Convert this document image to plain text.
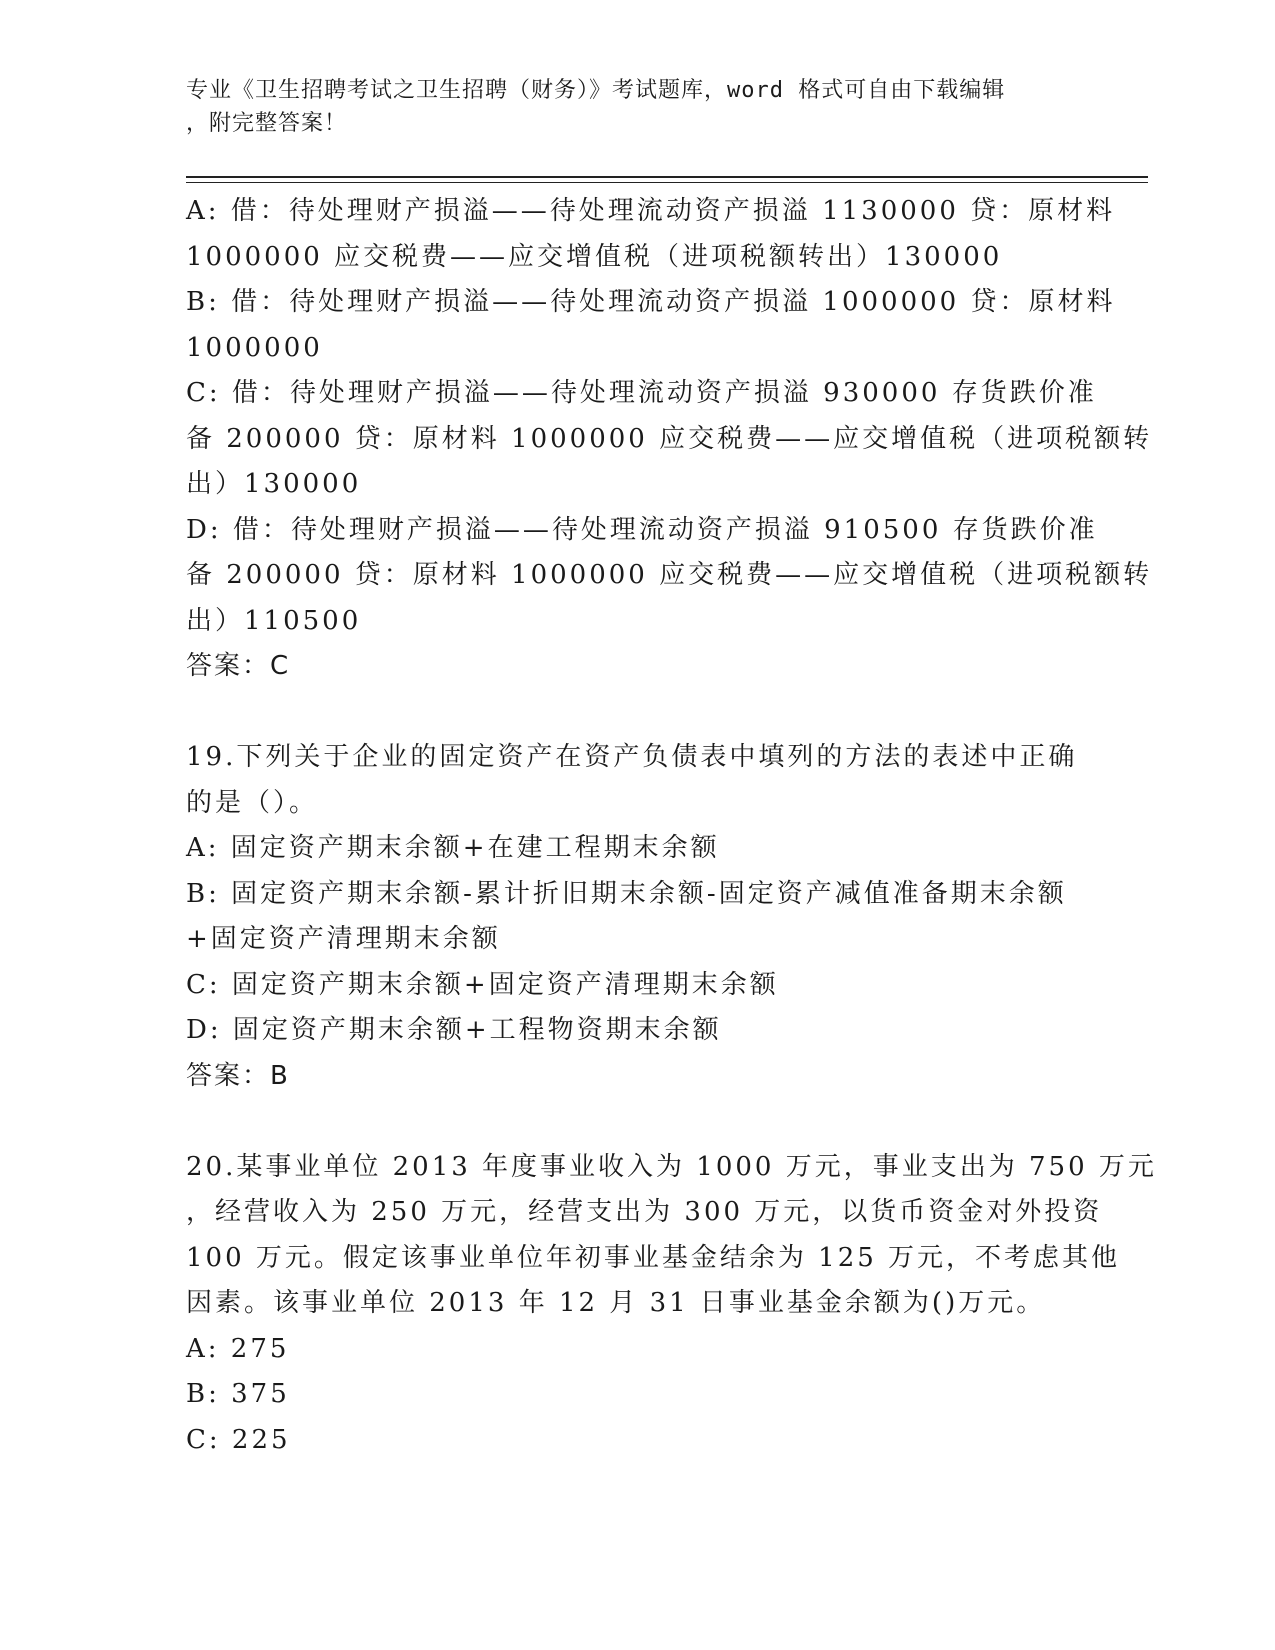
专业《卫生招聘考试之卫生招聘（财务）》考试题库，word 格式可自由下载编辑
，附完整答案！
A: 借：待处理财产损溢——待处理流动资产损溢 1130000 贷：原材料
1000000 应交税费——应交增值税（进项税额转出）130000
B: 借：待处理财产损溢——待处理流动资产损溢 1000000 贷：原材料
1000000
C: 借：待处理财产损溢——待处理流动资产损溢 930000 存货跌价准
备 200000 贷：原材料 1000000 应交税费——应交增值税（进项税额转
出）130000
D: 借：待处理财产损溢——待处理流动资产损溢 910500 存货跌价准
备 200000 贷：原材料 1000000 应交税费——应交增值税（进项税额转
出）110500
答案：C
19.下列关于企业的固定资产在资产负债表中填列的方法的表述中正确
的是（）。
A: 固定资产期末余额+在建工程期末余额
B: 固定资产期末余额-累计折旧期末余额-固定资产减值准备期末余额
+固定资产清理期末余额
C: 固定资产期末余额+固定资产清理期末余额
D: 固定资产期末余额+工程物资期末余额
答案：B
20.某事业单位 2013 年度事业收入为 1000 万元，事业支出为 750 万元
，经营收入为 250 万元，经营支出为 300 万元，以货币资金对外投资
100 万元。假定该事业单位年初事业基金结余为 125 万元，不考虑其他
因素。该事业单位 2013 年 12 月 31 日事业基金余额为()万元。
A: 275
B: 375
C: 225
